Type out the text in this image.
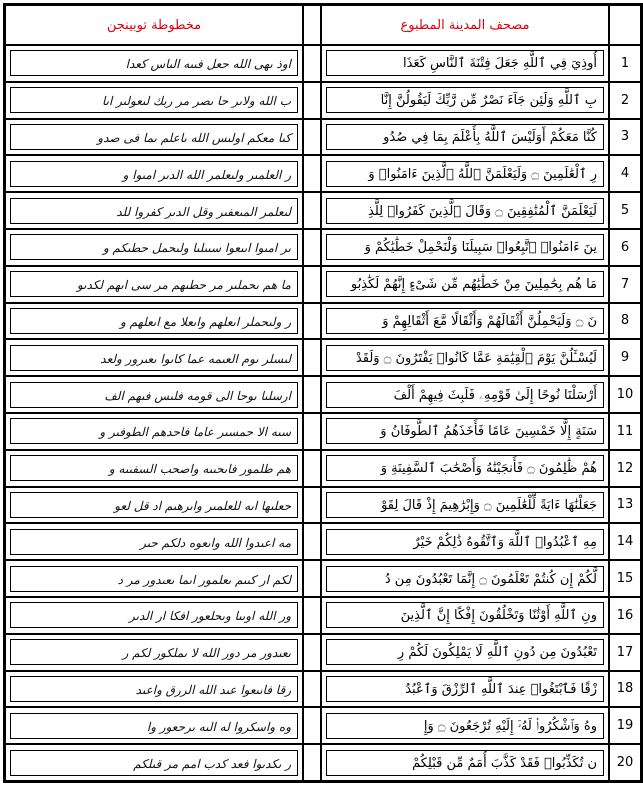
مخطوطة توبينجن		مصحف المدينة المطبوع	

اوذ ىهى الله حعل فىىه الىاس كعدا		أُوذِيَ فِي ٱللَّهِ جَعَلَ فِتْنَةَ ٱلنَّاسِ كَعَذَا	1

ب الله ولاىر حا ىصر مر ربك لىعولىر اىا		بِ ٱللَّهِ وَلَئِن جَآءَ نَصْرٌ مِّن رَّبِّكَ لَيَقُولُنَّ إِنَّا	2

كىا معكم اولىس الله ىاعلم ىما فى صدو		كُنَّا مَعَكُمْ أَوَلَيْسَ ٱللَّهُ بِأَعْلَمَ بِمَا فِي صُدُو	3

ر العلمىر ولىعلمر الله الدىر امىوا و		رِ ٱلْعَٰلَمِينَ ۝ وَلَيَعْلَمَنَّ ٱللَّهُ ٱلَّذِينَ ءَامَنُوا۟ وَ	4

لىعلمر المىعفىر وقل الدىر كفروا للد		لَيَعْلَمَنَّ ٱلْمُنَٰفِقِينَ ۝ وَقَالَ ٱلَّذِينَ كَفَرُوا۟ لِلَّذِ	5

ىر امىوا اىىعوا سىىلىا ولىحمل حطىكم و		ينَ ءَامَنُوا۟ ٱتَّبِعُوا۟ سَبِيلَنَا وَلْنَحْمِلْ خَطَٰيَٰكُمْ وَ	6

ما هم ىحملىر مر حطىهم مر سى اىهم لكدىو		مَا هُم بِحَٰمِلِينَ مِنْ خَطَٰيَٰهُم مِّن شَىْءٍ إِنَّهُمْ لَكَٰذِبُو	7

ر ولىحملر اىعلهم واىعلا مع اىعلهم و		نَ ۝ وَلَيَحْمِلُنَّ أَثْقَالَهُمْ وَأَثْقَالًا مَّعَ أَثْقَالِهِمْ وَ	8

لىسلر ىوم العىمه عما كاىوا ىعىرور ولعد		لَيُسْـَٔلُنَّ يَوْمَ ٱلْقِيَٰمَةِ عَمَّا كَانُوا۟ يَفْتَرُونَ ۝ وَلَقَدْ	9

ارسلىا ىوحا الى قومه فلىس فىهم الف		أَرْسَلْنَا نُوحًا إِلَىٰ قَوْمِهِۦ فَلَبِثَ فِيهِمْ أَلْفَ	10

سىه الا حمسىر عاما فاحدهم الطوفىر و		سَنَةٍ إِلَّا خَمْسِينَ عَامًا فَأَخَذَهُمُ ٱلطُّوفَانُ وَ	11

هم طلمور فاىحىىه واصحب السفىىه و		هُمْ ظَٰلِمُونَ ۝ فَأَنجَيْنَٰهُ وَأَصْحَٰبَ ٱلسَّفِينَةِ وَ	12

حعلىها اىه للعلمىر واىرهىم اد قل لعو		جَعَلْنَٰهَا ءَايَةً لِّلْعَٰلَمِينَ ۝ وَإِبْرَٰهِيمَ إِذْ قَالَ لِقَوْ	13

مه اعىدوا الله واىعوه دلكم حىر		مِهِ ٱعْبُدُوا۟ ٱللَّهَ وَٱتَّقُوهُ ذَٰلِكُمْ خَيْرٌ	14

لكم ار كىىم ىعلمور اىما ىعىدور مر د		لَّكُمْ إِن كُنتُمْ تَعْلَمُونَ ۝ إِنَّمَا تَعْبُدُونَ مِن دُ	15

ور الله اوىىا وىحلعور افكا ار الدىر		ونِ ٱللَّهِ أَوْثَٰنًا وَتَخْلُقُونَ إِفْكًا إِنَّ ٱلَّذِينَ	16

ىعىدور مر دور الله لا ىملكور لكم ر		تَعْبُدُونَ مِن دُونِ ٱللَّهِ لَا يَمْلِكُونَ لَكُمْ رِ	17

رقا فاىىعوا عىد الله الررق واعىد		زْقًا فَٱبْتَغُوا۟ عِندَ ٱللَّهِ ٱلرِّزْقَ وَٱعْبُدُ	18

وه واسكروا له الىه ىرحعور وا		وهُ وَٱشْكُرُوا۟ لَهُۥٓ إِلَيْهِ تُرْجَعُونَ ۝ وَإِ	19

ر ىكدىوا فعد كدب امم مر قىلكم		ن تُكَذِّبُوا۟ فَقَدْ كَذَّبَ أُمَمٌ مِّن قَبْلِكُمْ	20
